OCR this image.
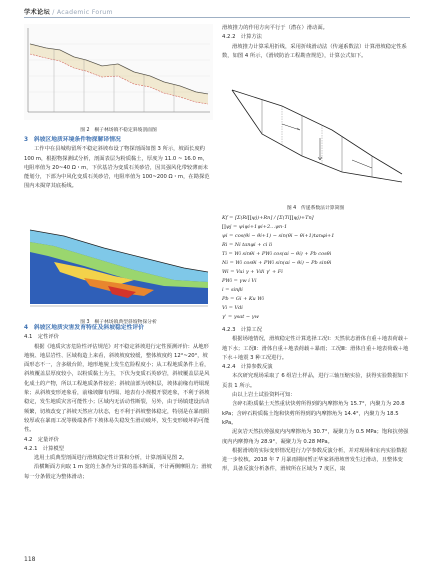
学术论坛 / Academic Forum

图 2　桐子林场镇不稳定斜坡剖面图

3　斜坡区地质环境条件物探解译情况

工作中在县城构留所不稳定斜坡布设了物探剖面如图 3 所示，坡面长度约 100 m，根据物探测试分析，剖面表层为粉质黏土，厚度为 11.0 ~ 16.0 m，电阻率值为 20~40 Ω・m，下伏基岩为变质石英砂岩，因其强风化带较薄而未能划分，下部为中风化变质石英砂岩，电阻率值为 100~200 Ω・m，在勘探范围内未揭穿其底板线。

图 3　桐子林场镇典型斜坡物探分析

4　斜坡区地质灾害发育特征及斜坡稳定性评价

4.1　定性评价

根据《地质灾害危险性评估规范》对不稳定斜坡进行定性预测评价：从地形地貌、地层岩性、区域构造上来看，斜坡坡度较缓，整体坡度约 12°~20°，坡面形态不一，含多级台阶，地形地貌上发生危险程度小；从工程地质条件上看，斜坡覆盖层厚度较小，以粉质黏土为主，下伏为变质石英砂岩，斜坡覆盖层是风化成土的产物，所以工程地质条件较差；斜坡前部为坡积层，坡体前缘有坍塌现象；从斜坡变形迹象看，前缘坡脚有坍塌、地表有小规模开裂迹象，不利于斜坡稳定，发生地质灾害可能性小；区域内无活动性断裂，另外，由于场镇建设活动频繁，切坡改变了斜坡天然应力状态，也不利于斜坡整体稳定，特别是在暴雨阻较厚或在暴雨工况等极端条件下坡体易失稳发生滑动破坏，发生变形破坏的可能性。

4.2　定量评价

4.2.1　计算模型

选用土质典型剖面进行滑坡稳定性计算和分析，计算剖面见图 2。

沿横断面方向取 1 m 宽的土条作为计算的基本断面，不计两侧摩阻力；滑坡每一分条假定为整体滑动；

滑坡推力的作用方向平行于（潜在）滑动面。

4.2.2　计算方法

滑坡推力计算采用折线，采用折线滑动法（传递系数法）计算滑坡稳定性系数，如图 4 所示，《滑坡防治工程勘查规范》，计算公式如下。

图 4　传递系数法计算简图

Kf = [Σ(Ri∏ψj)+Rn] / [Σ(Ti∏ψj)+Tn]
∏ψj = ψiψi+1ψi+2…ψn-1
ψi = cos(θi − θi+1) − sin(θi − θi+1)tanφi+1
Ri = Ni tanφi + ci li
Ti = Wi sinθi + PWi cos(αi − θi) + Pb cosθi
Ni = Wi cosθi + PWi sin(αi − θi) − Pb sinθi
Wi = Vui γ + Vdi γ' + Fi
PWi = γw i Vi
i = sinβi
Pb = Gi + Ku Wi
Vi = Vdi
γ' = γsat − γw

4.2.3　计算工况

根据场地情况，滑坡稳定性计算选择工况Ⅰ：天然状态滑体自重＋地表荷载＋地下水；工况Ⅱ：滑体自重＋地表荷载＋暴雨；工况Ⅲ：滑体自重＋地表荷载＋地下水＋地震 3 种工况进行。

4.2.4　计算参数反演

本次研究现场采取了 6 组岩土样品，进行三轴压缩实验，获得实验数据如下页表 1 所示。

由以上岩土试验资料可知：

含碎石粉质黏土天然重状快剪所得到的内摩擦角为 15.7°，内聚力为 20.8 kPa；含碎石粉质黏土饱和快剪所得到的内摩擦角为 14.4°，内聚力为 18.5 kPa。

泥灰岩天然抗剪强度内内摩擦角为 30.7°，凝聚力为 0.5 MPa；饱和抗剪强度内内摩擦角为 28.9°，凝聚力为 0.28 MPa。

根据滑坡的实际变形情况进行力学参数反演分析，并对现场和室内实验数据进一步校核。2018 年 7 月暴雨期间暂正华家斜滑坡曾发生过滑动，且整体变形，具备反演分析条件，滑坡所在区域为 7 度区，取

118
